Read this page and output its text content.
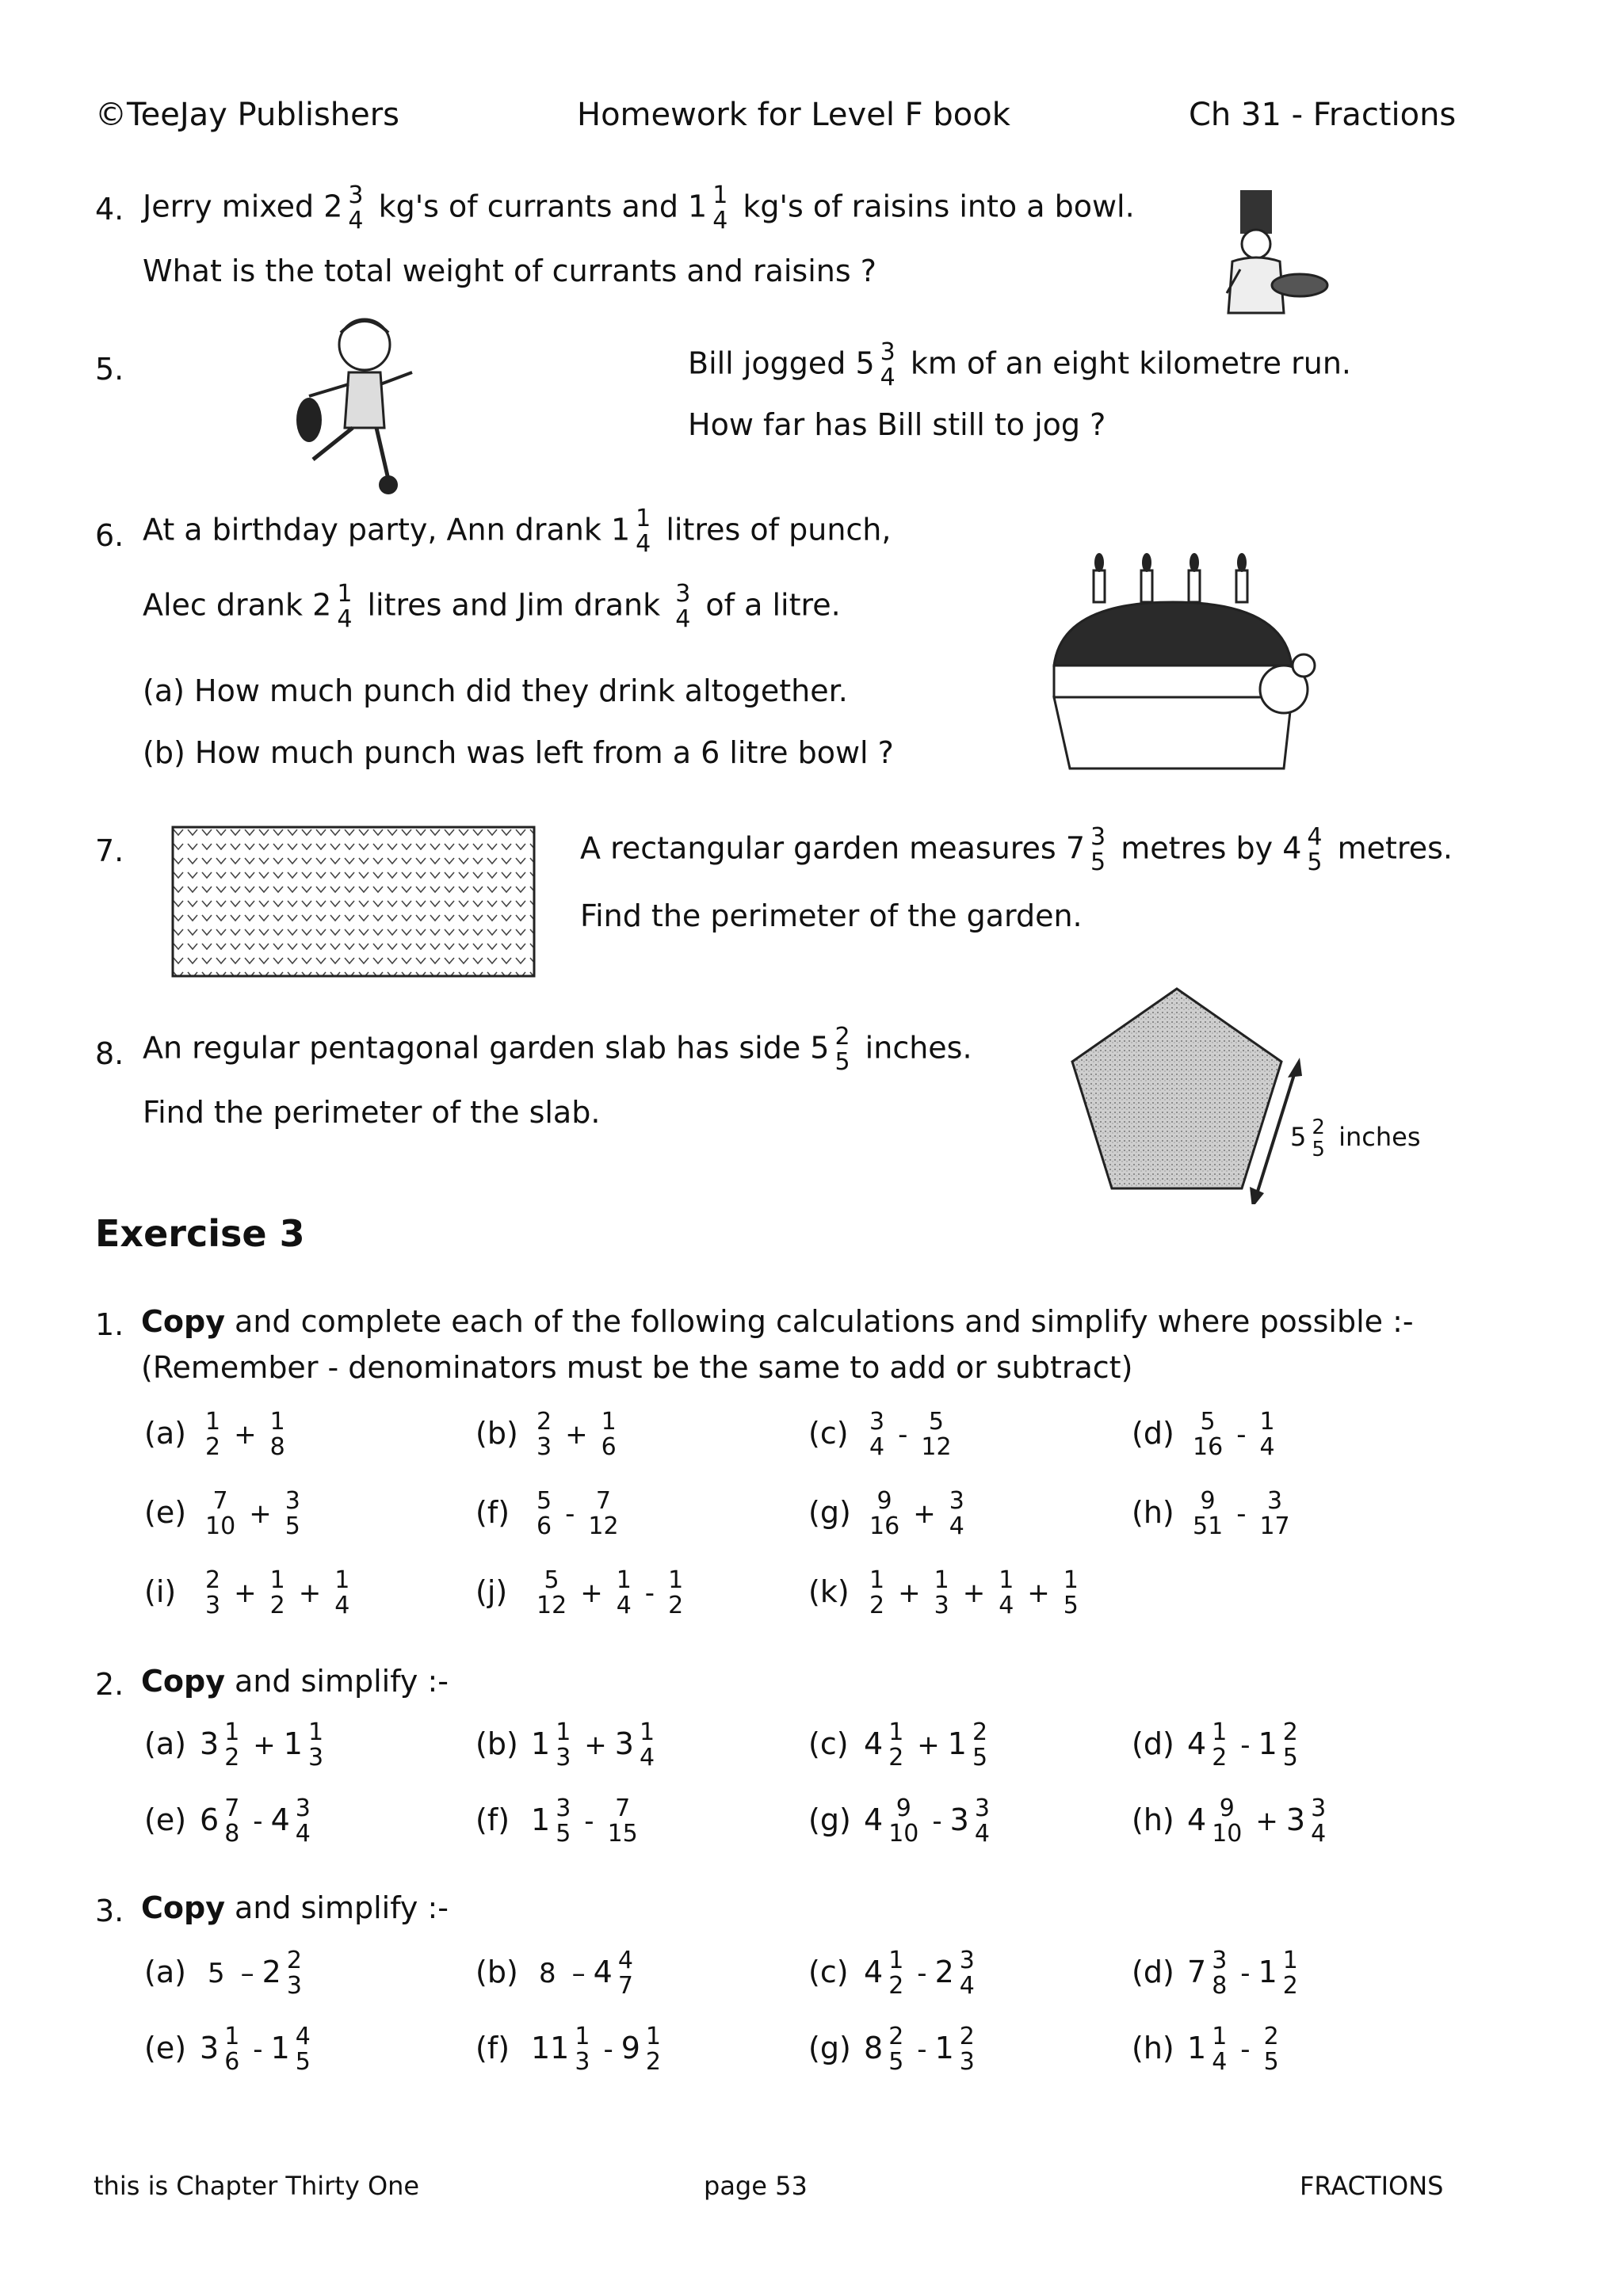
©TeeJay Publishers	Homework for Level F book	Ch 31 - Fractions
4. Jerry mixed 2 3
4 kg's of currants and 1 1
4 kg's of raisins into a bowl.
What is the total weight of currants and raisins ?
5.	Bill jogged 5 3
4 km of an eight kilometre run.
How far has Bill still to jog ?
6. At a birthday party, Ann drank 1 1
4 litres of punch,
Alec drank 2 1
4 litres and Jim drank 3
4 of a litre.
(a) How much punch did they drink altogether.
(b) How much punch was left from a 6 litre bowl ?
7.	A rectangular garden measures 7 3
5 metres by 4 4
5 metres.
Find the perimeter of the garden.
8. An regular pentagonal garden slab has side 5 2
5 inches.
Find the perimeter of the slab.
5 2
5 inches
Exercise 3
1. Copy and complete each of the following calculations and simplify where possible :-
(Remember - denominators must be the same to add or subtract)
(a) 1
2 + 1
8	(b) 2
3 + 1
6	(c) 3
4 - 5
12	(d)	5
16 - 1
4
(e)	7
10 + 3
5	(f) 5
6 - 7
12	(g)	9
16 + 3
4	(h)	9
51 - 3
17
(i) 2
3 + 1
2 + 1
4	(j)	5
12 + 1
4 - 1
2	(k) 1
2 + 1
3 + 1
4 + 1
5
2. Copy and simplify :-
(a) 3 1
2 + 1 1
3	(b) 1 1
3 + 3 1
4	(c) 4 1
2 + 1 2
5	(d) 4 1
2 - 1 2
5
(e) 6 7
8 - 4 3
4	(f) 1 3
5 - 7
15	(g) 4 9
10 - 3 3
4	(h) 4 9
10 + 3 3
4
3. Copy and simplify :-
(a) 5 – 2 2
3	(b) 8 – 4 4
7	(c) 4 1
2 - 2 3
4	(d) 7 3
8 - 1 1
2
(e) 3 1
6 - 1 4
5	(f) 11 1
3 - 9 1
2	(g) 8 2
5 - 1 2
3	(h) 1 1
4 - 2
5
this is Chapter Thirty One	page 53	FRACTIONS
